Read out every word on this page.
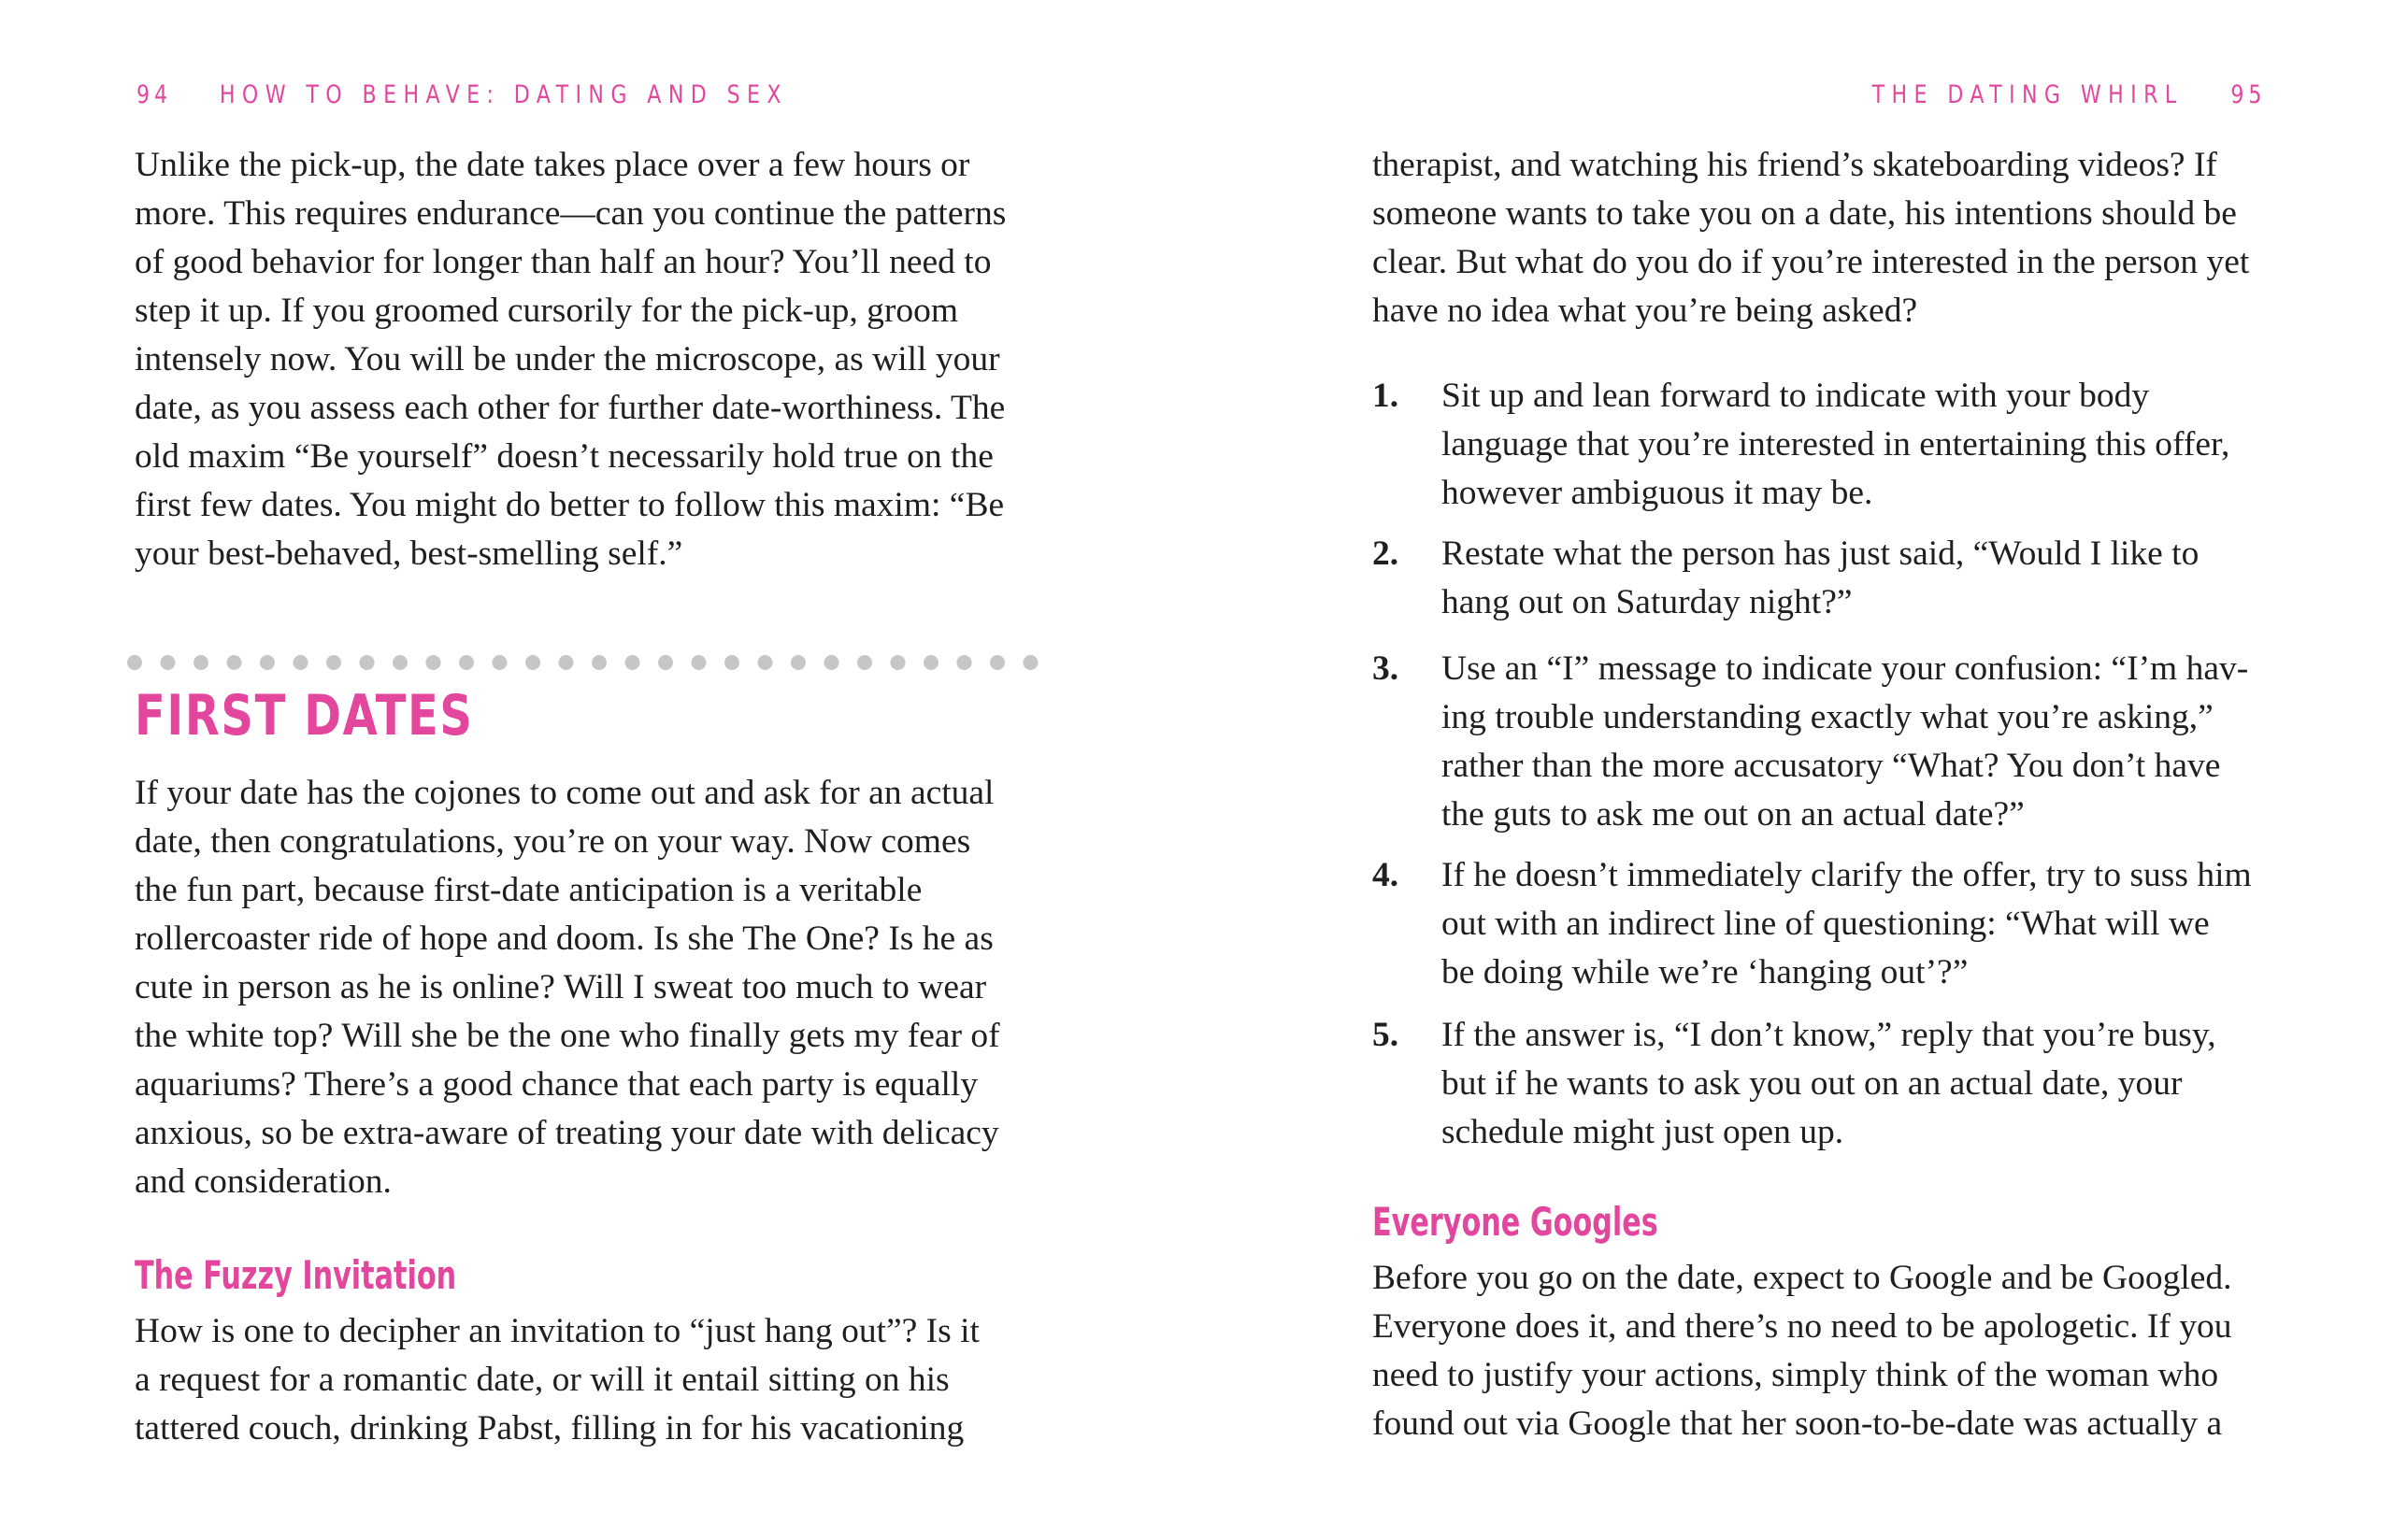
94 HOW TO BEHAVE: DATING AND SEX

Unlike the pick-up, the date takes place over a few hours or
more. This requires endurance—can you continue the patterns
of good behavior for longer than half an hour? You’ll need to
step it up. If you groomed cursorily for the pick-up, groom
intensely now. You will be under the microscope, as will your
date, as you assess each other for further date-worthiness. The
old maxim “Be yourself” doesn’t necessarily hold true on the
first few dates. You might do better to follow this maxim: “Be
your best-behaved, best-smelling self.”

FIRST DATES

If your date has the cojones to come out and ask for an actual
date, then congratulations, you’re on your way. Now comes
the fun part, because first-date anticipation is a veritable
rollercoaster ride of hope and doom. Is she The One? Is he as
cute in person as he is online? Will I sweat too much to wear
the white top? Will she be the one who finally gets my fear of
aquariums? There’s a good chance that each party is equally
anxious, so be extra-aware of treating your date with delicacy
and consideration.

The Fuzzy Invitation

How is one to decipher an invitation to “just hang out”? Is it
a request for a romantic date, or will it entail sitting on his
tattered couch, drinking Pabst, filling in for his vacationing

THE DATING WHIRL 95

therapist, and watching his friend’s skateboarding videos? If
someone wants to take you on a date, his intentions should be
clear. But what do you do if you’re interested in the person yet
have no idea what you’re being asked?

1. Sit up and lean forward to indicate with your body
language that you’re interested in entertaining this offer,
however ambiguous it may be.
2. Restate what the person has just said, “Would I like to
hang out on Saturday night?”
3. Use an “I” message to indicate your confusion: “I’m hav-
ing trouble understanding exactly what you’re asking,”
rather than the more accusatory “What? You don’t have
the guts to ask me out on an actual date?”
4. If he doesn’t immediately clarify the offer, try to suss him
out with an indirect line of questioning: “What will we
be doing while we’re ‘hanging out’?”
5. If the answer is, “I don’t know,” reply that you’re busy,
but if he wants to ask you out on an actual date, your
schedule might just open up.
Everyone Googles

Before you go on the date, expect to Google and be Googled.
Everyone does it, and there’s no need to be apologetic. If you
need to justify your actions, simply think of the woman who
found out via Google that her soon-to-be-date was actually a
